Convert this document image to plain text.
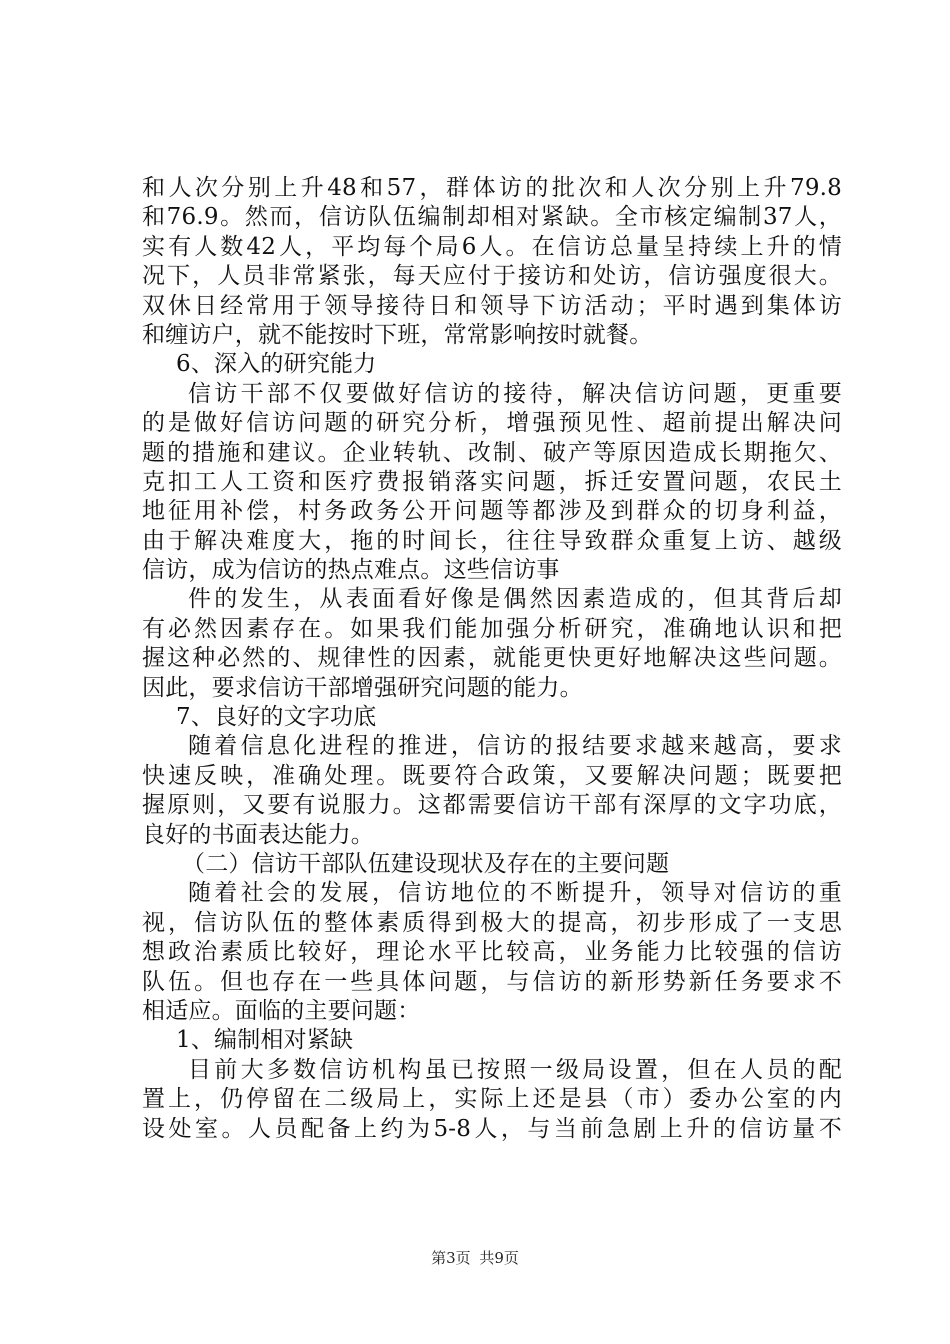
和人次分别上升48和57，群体访的批次和人次分别上升79.8
和76.9。然而，信访队伍编制却相对紧缺。全市核定编制37人，
实有人数42人，平均每个局6人。在信访总量呈持续上升的情
况下，人员非常紧张，每天应付于接访和处访，信访强度很大。
双休日经常用于领导接待日和领导下访活动；平时遇到集体访
和缠访户，就不能按时下班，常常影响按时就餐。
6、深入的研究能力
信访干部不仅要做好信访的接待，解决信访问题，更重要
的是做好信访问题的研究分析，增强预见性、超前提出解决问
题的措施和建议。企业转轨、改制、破产等原因造成长期拖欠、
克扣工人工资和医疗费报销落实问题，拆迁安置问题，农民土
地征用补偿，村务政务公开问题等都涉及到群众的切身利益，
由于解决难度大，拖的时间长，往往导致群众重复上访、越级
信访，成为信访的热点难点。这些信访事
件的发生，从表面看好像是偶然因素造成的，但其背后却
有必然因素存在。如果我们能加强分析研究，准确地认识和把
握这种必然的、规律性的因素，就能更快更好地解决这些问题。
因此，要求信访干部增强研究问题的能力。
7、良好的文字功底
随着信息化进程的推进，信访的报结要求越来越高，要求
快速反映，准确处理。既要符合政策，又要解决问题；既要把
握原则，又要有说服力。这都需要信访干部有深厚的文字功底，
良好的书面表达能力。
（二）信访干部队伍建设现状及存在的主要问题
随着社会的发展，信访地位的不断提升，领导对信访的重
视，信访队伍的整体素质得到极大的提高，初步形成了一支思
想政治素质比较好，理论水平比较高，业务能力比较强的信访
队伍。但也存在一些具体问题，与信访的新形势新任务要求不
相适应。面临的主要问题：
1、编制相对紧缺
目前大多数信访机构虽已按照一级局设置，但在人员的配
置上，仍停留在二级局上，实际上还是县（市）委办公室的内
设处室。人员配备上约为5-8人，与当前急剧上升的信访量不
第3页 共9页
